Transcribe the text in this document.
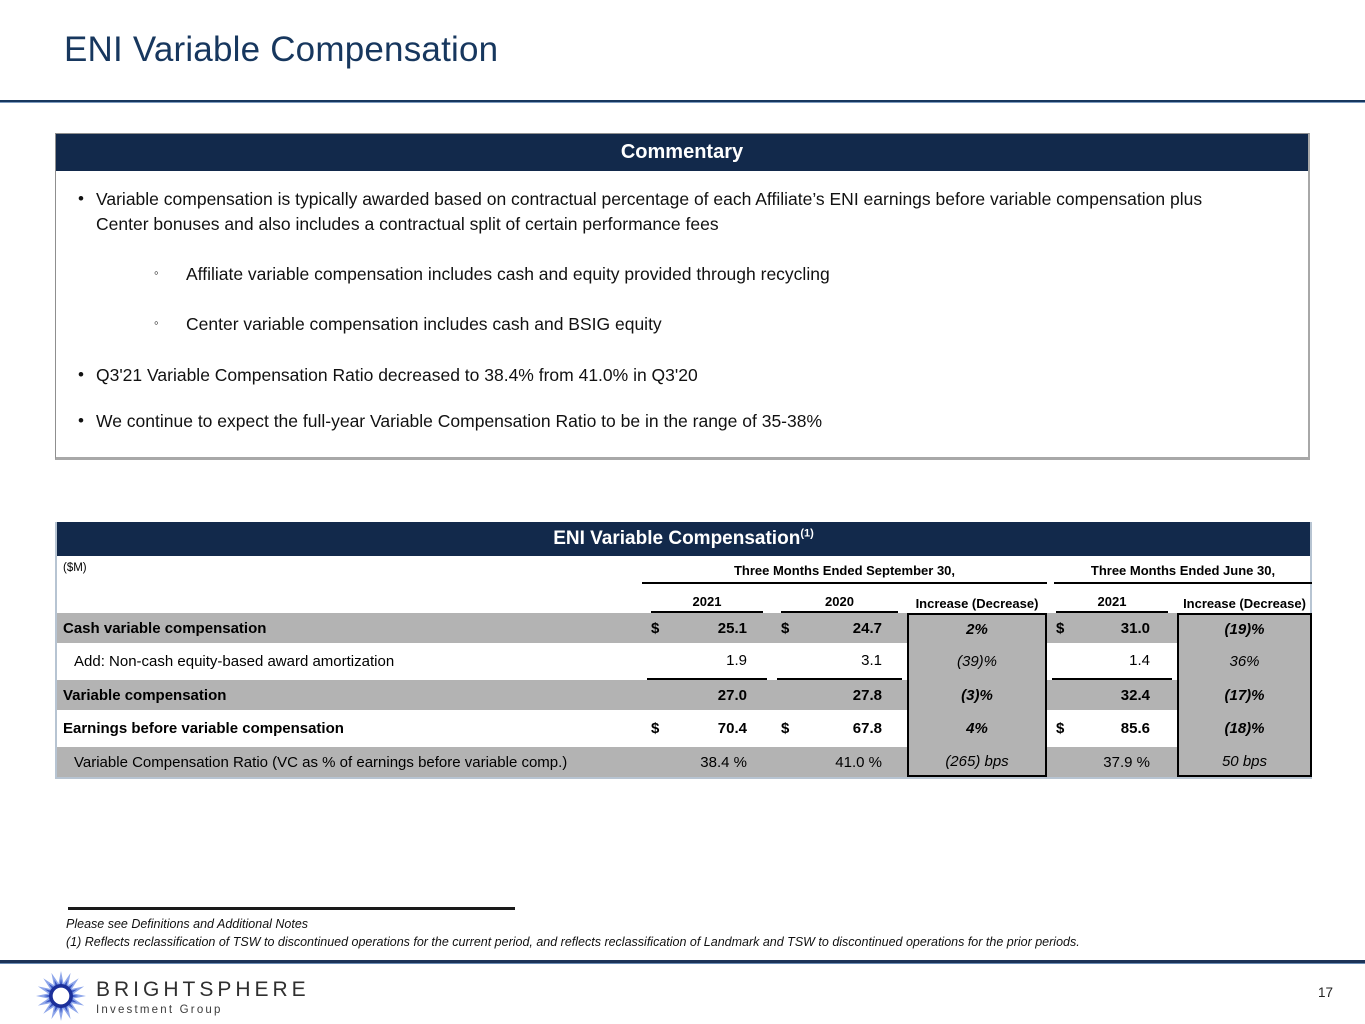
ENI Variable Compensation
Commentary
• Variable compensation is typically awarded based on contractual percentage of each Affiliate’s ENI earnings before variable compensation plus Center bonuses and also includes a contractual split of certain performance fees
◦	Affiliate variable compensation includes cash and equity provided through recycling
◦	Center variable compensation includes cash and BSIG equity
• Q3'21 Variable Compensation Ratio decreased to 38.4% from 41.0% in Q3'20
• We continue to expect the full-year Variable Compensation Ratio to be in the range of 35-38%
ENI Variable Compensation$^{(1)}$
($M)	Three Months Ended September 30,	Three Months Ended June 30,
2021	2020	Increase (Decrease)	2021	Increase (Decrease)
Cash variable compensation	$	25.1	$	24.7	2%	$	31.0	(19)%
Add: Non-cash equity-based award amortization	1.9	3.1	(39)%	1.4	36%
Variable compensation	27.0	27.8	(3)%	32.4	(17)%
Earnings before variable compensation	$	70.4	$	67.8	4%	$	85.6	(18)%
Variable Compensation Ratio (VC as % of earnings before variable comp.)	38.4 %	41.0 %	(265) bps	37.9 %	50 bps
Please see Definitions and Additional Notes
(1) Reflects reclassification of TSW to discontinued operations for the current period, and reflects reclassification of Landmark and TSW to discontinued operations for the prior periods.
BRIGHTSPHERE
Investment Group
17
